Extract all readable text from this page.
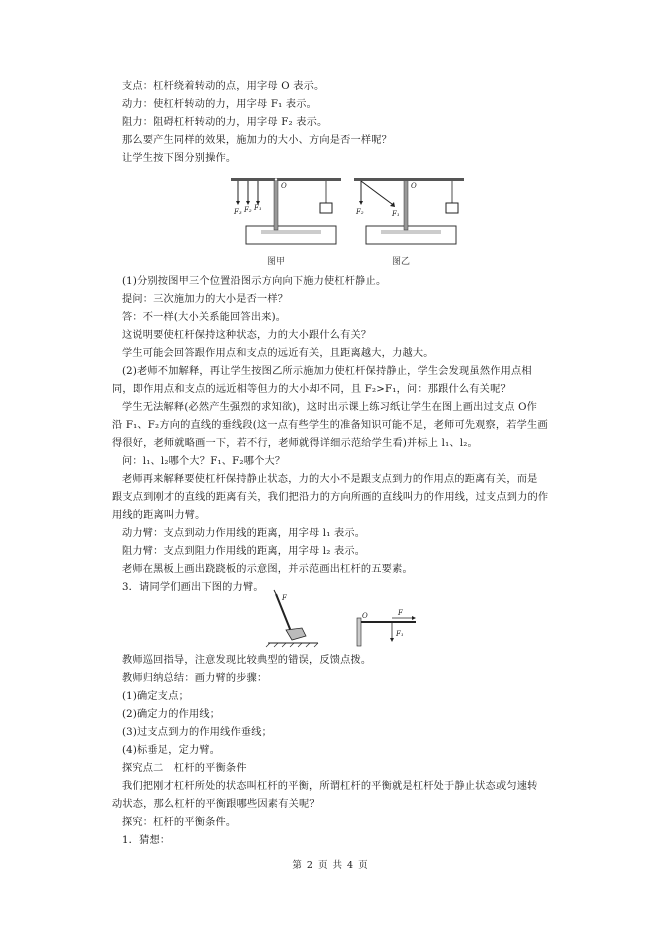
支点：杠杆绕着转动的点，用字母 O 表示。
动力：使杠杆转动的力，用字母 F₁ 表示。
阻力：阻碍杠杆转动的力，用字母 F₂ 表示。
那么要产生同样的效果，施加力的大小、方向是否一样呢？
让学生按下图分别操作。
O
F₃ F₂ F₁
图甲
O
F₂	F₁
图乙
(1)分别按图甲三个位置沿图示方向向下施力使杠杆静止。
提问：三次施加力的大小是否一样？
答：不一样(大小关系能回答出来)。
这说明要使杠杆保持这种状态，力的大小跟什么有关？
学生可能会回答跟作用点和支点的远近有关，且距离越大，力越大。
(2)老师不加解释，再让学生按图乙所示施加力使杠杆保持静止，学生会发现虽然作用点相
同，即作用点和支点的远近相等但力的大小却不同，且 F₂>F₁，问：那跟什么有关呢？
学生无法解释(必然产生强烈的求知欲)，这时出示课上练习纸让学生在图上画出过支点 O作
沿 F₁、F₂方向的直线的垂线段(这一点有些学生的准备知识可能不足，老师可先观察，若学生画
得很好，老师就略画一下，若不行，老师就得详细示范给学生看)并标上 l₁、l₂。
问：l₁、l₂哪个大？F₁、F₂哪个大？
老师再来解释要使杠杆保持静止状态，力的大小不是跟支点到力的作用点的距离有关，而是
跟支点到刚才的直线的距离有关，我们把沿力的方向所画的直线叫力的作用线，过支点到力的作
用线的距离叫力臂。
动力臂：支点到动力作用线的距离，用字母 l₁ 表示。
阻力臂：支点到阻力作用线的距离，用字母 l₂ 表示。
老师在黑板上画出跷跷板的示意图，并示范画出杠杆的五要素。
3．请同学们画出下图的力臂。
F
O	F
F₁
教师巡回指导，注意发现比较典型的错误，反馈点拨。
教师归纳总结：画力臂的步骤：
(1)确定支点；
(2)确定力的作用线；
(3)过支点到力的作用线作垂线；
(4)标垂足，定力臂。
探究点二　杠杆的平衡条件
我们把刚才杠杆所处的状态叫杠杆的平衡，所谓杠杆的平衡就是杠杆处于静止状态或匀速转
动状态，那么杠杆的平衡跟哪些因素有关呢？
探究：杠杆的平衡条件。
1．猜想：
第 2 页 共 4 页
